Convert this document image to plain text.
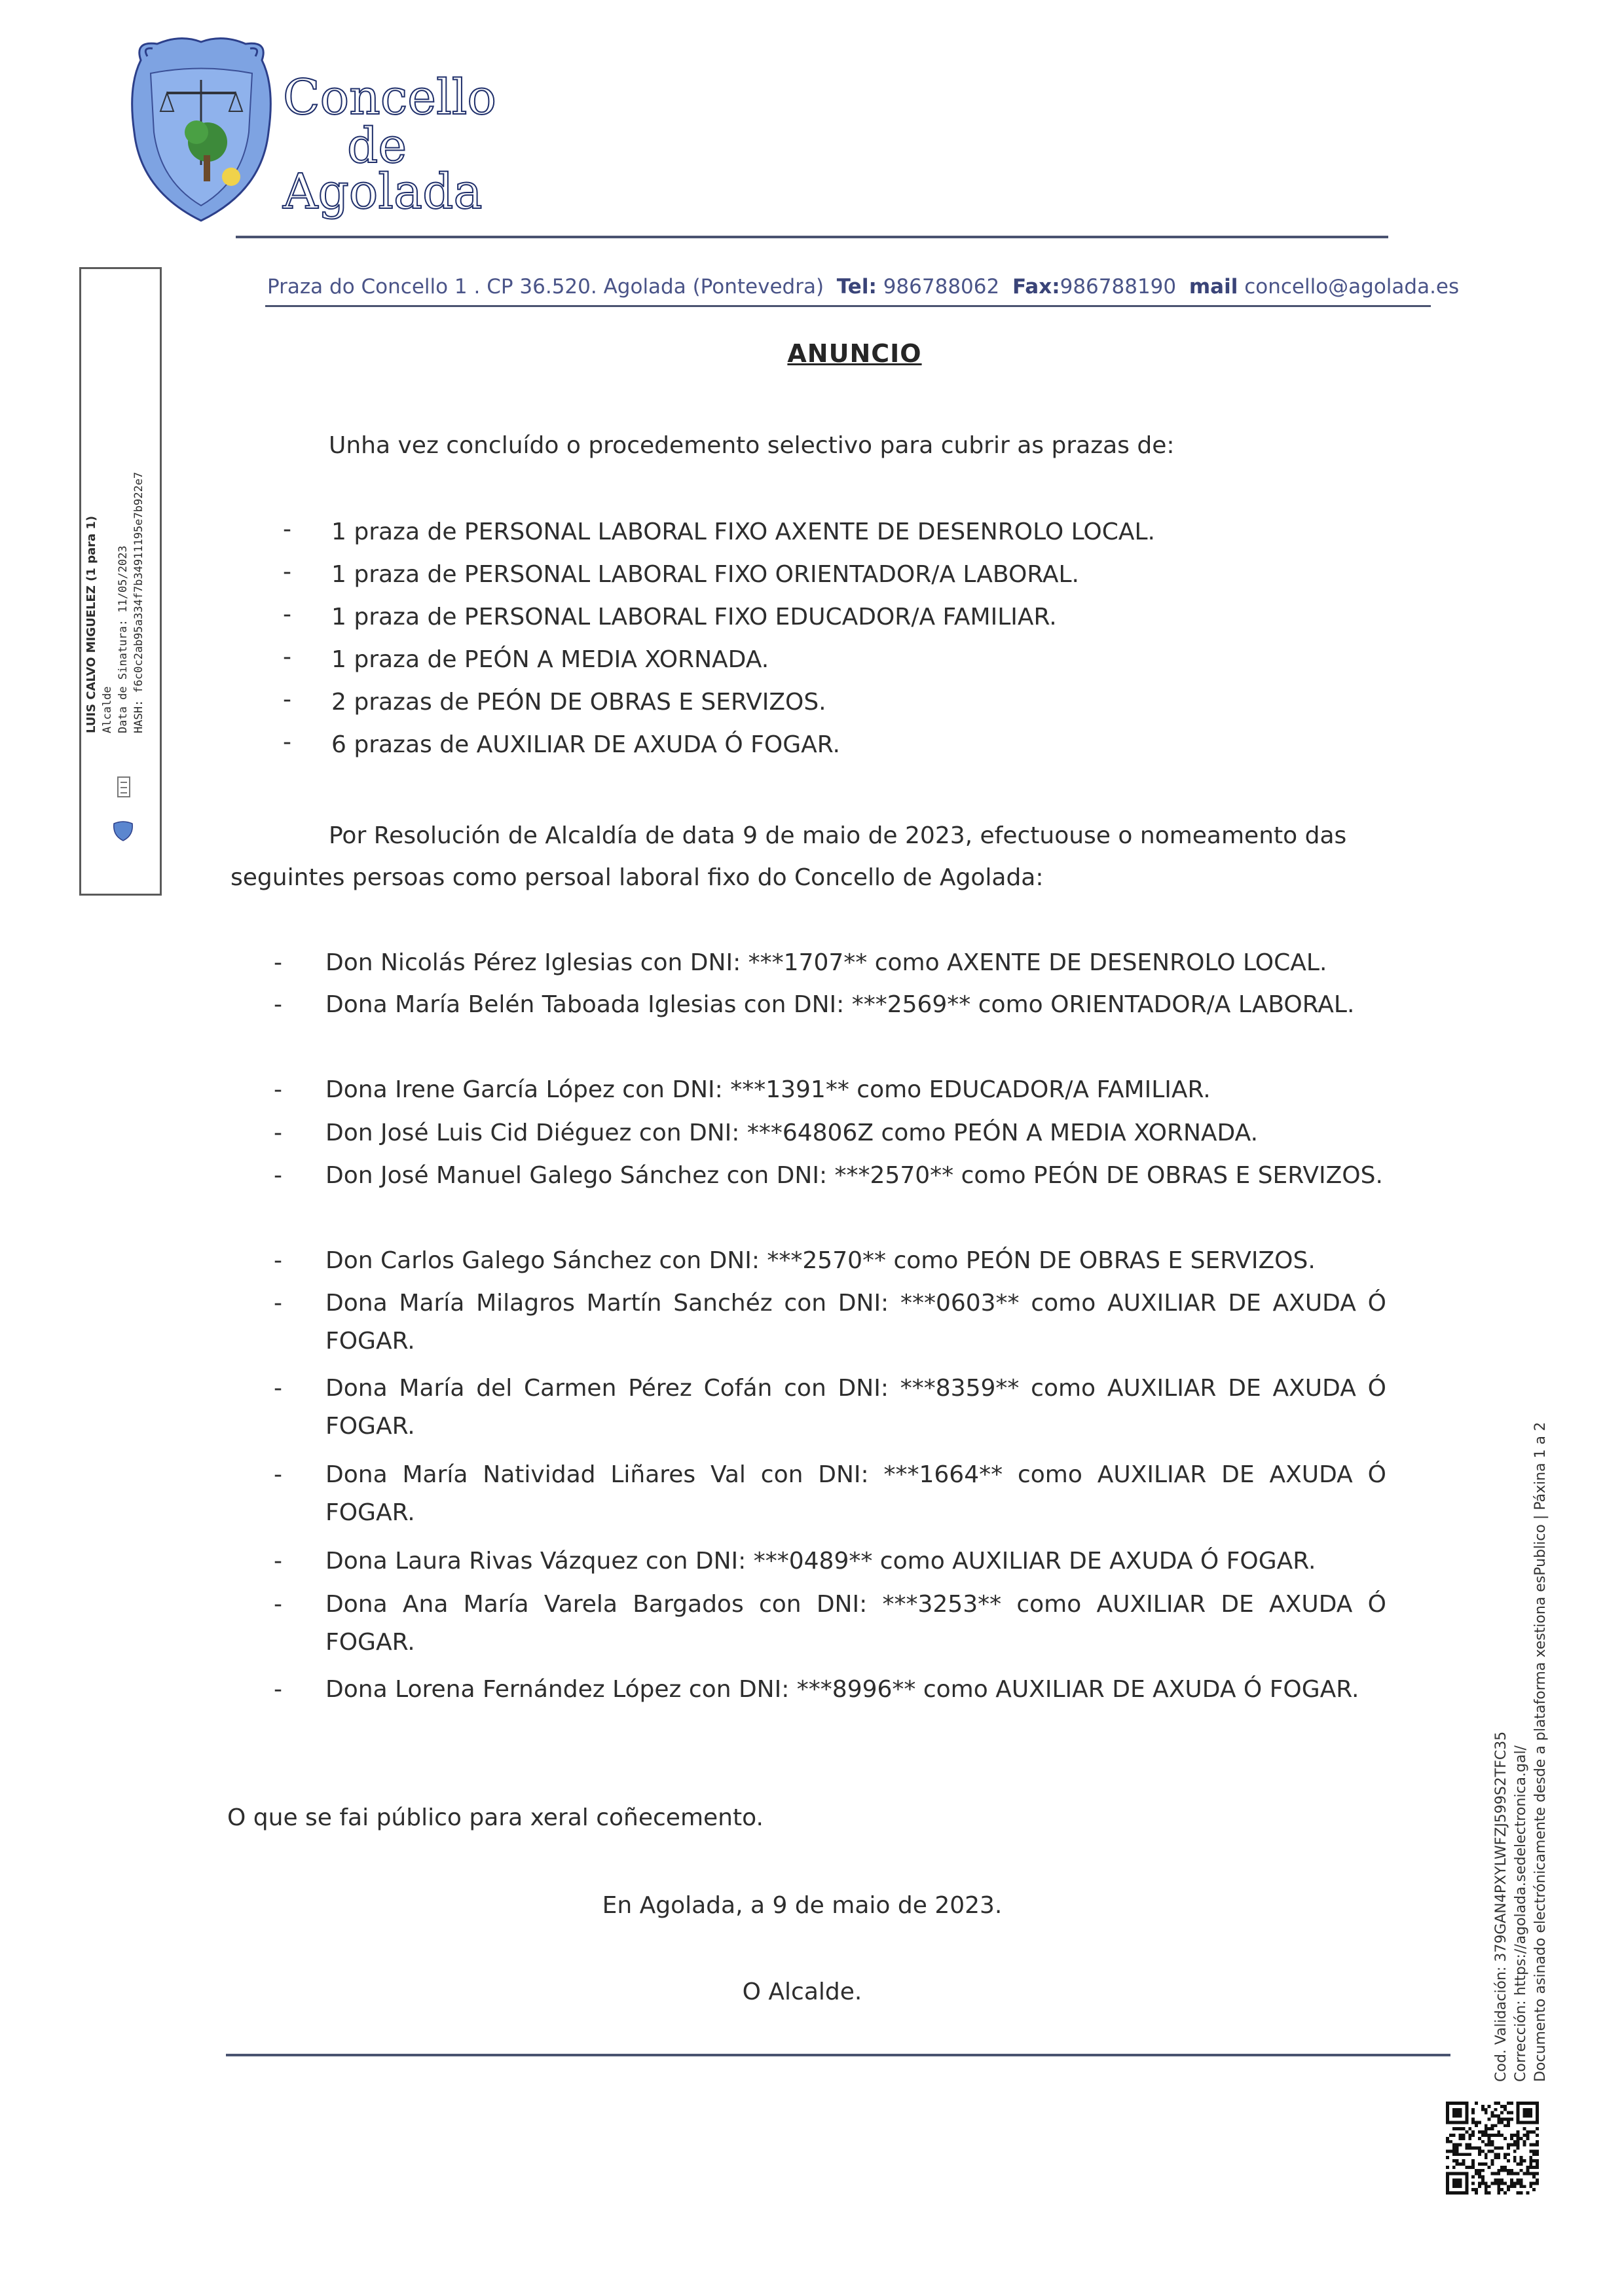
Concello
de
Agolada
Praza do Concello 1 . CP 36.520. Agolada (Pontevedra) Tel: 986788062 Fax:986788190 mail concello@agolada.es
LUIS CALVO MIGUELEZ (1 para 1) Alcalde Data de Sinatura: 11/05/2023 HASH: f6c0c2ab95a334f7b34911195e7b922e7
ANUNCIO
Unha vez concluído o procedemento selectivo para cubrir as prazas de:
- 1 praza de PERSONAL LABORAL FIXO AXENTE DE DESENROLO LOCAL.
- 1 praza de PERSONAL LABORAL FIXO ORIENTADOR/A LABORAL.
- 1 praza de PERSONAL LABORAL FIXO EDUCADOR/A FAMILIAR.
- 1 praza de PEÓN A MEDIA XORNADA.
- 2 prazas de PEÓN DE OBRAS E SERVIZOS.
- 6 prazas de AUXILIAR DE AXUDA Ó FOGAR.
Por Resolución de Alcaldía de data 9 de maio de 2023, efectuouse o nomeamento das
seguintes persoas como persoal laboral fixo do Concello de Agolada:
- Don Nicolás Pérez Iglesias con DNI: ***1707** como AXENTE DE DESENROLO LOCAL.
- Dona María Belén Taboada Iglesias con DNI: ***2569** como ORIENTADOR/A LABORAL.
- Dona Irene García López con DNI: ***1391** como EDUCADOR/A FAMILIAR.
- Don José Luis Cid Diéguez con DNI: ***64806Z como PEÓN A MEDIA XORNADA.
- Don José Manuel Galego Sánchez con DNI: ***2570** como PEÓN DE OBRAS E SERVIZOS.
- Don Carlos Galego Sánchez con DNI: ***2570** como PEÓN DE OBRAS E SERVIZOS.
- Dona María Milagros Martín Sanchéz con DNI: ***0603** como AUXILIAR DE AXUDA Ó FOGAR.
- Dona María del Carmen Pérez Cofán con DNI: ***8359** como AUXILIAR DE AXUDA Ó FOGAR.
- Dona María Natividad Liñares Val con DNI: ***1664** como AUXILIAR DE AXUDA Ó FOGAR.
- Dona Laura Rivas Vázquez con DNI: ***0489** como AUXILIAR DE AXUDA Ó FOGAR.
- Dona Ana María Varela Bargados con DNI: ***3253** como AUXILIAR DE AXUDA Ó FOGAR.
- Dona Lorena Fernández López con DNI: ***8996** como AUXILIAR DE AXUDA Ó FOGAR.
O que se fai público para xeral coñecemento.
En Agolada, a 9 de maio de 2023.
O Alcalde.	Cod. Validación: 379GAN4PXYLWFZJ599S2TFC35 Corrección: https://agolada.sedelectronica.gal/ Documento asinado electrónicamente desde a plataforma xestiona esPublico | Páxina 1 a 2
